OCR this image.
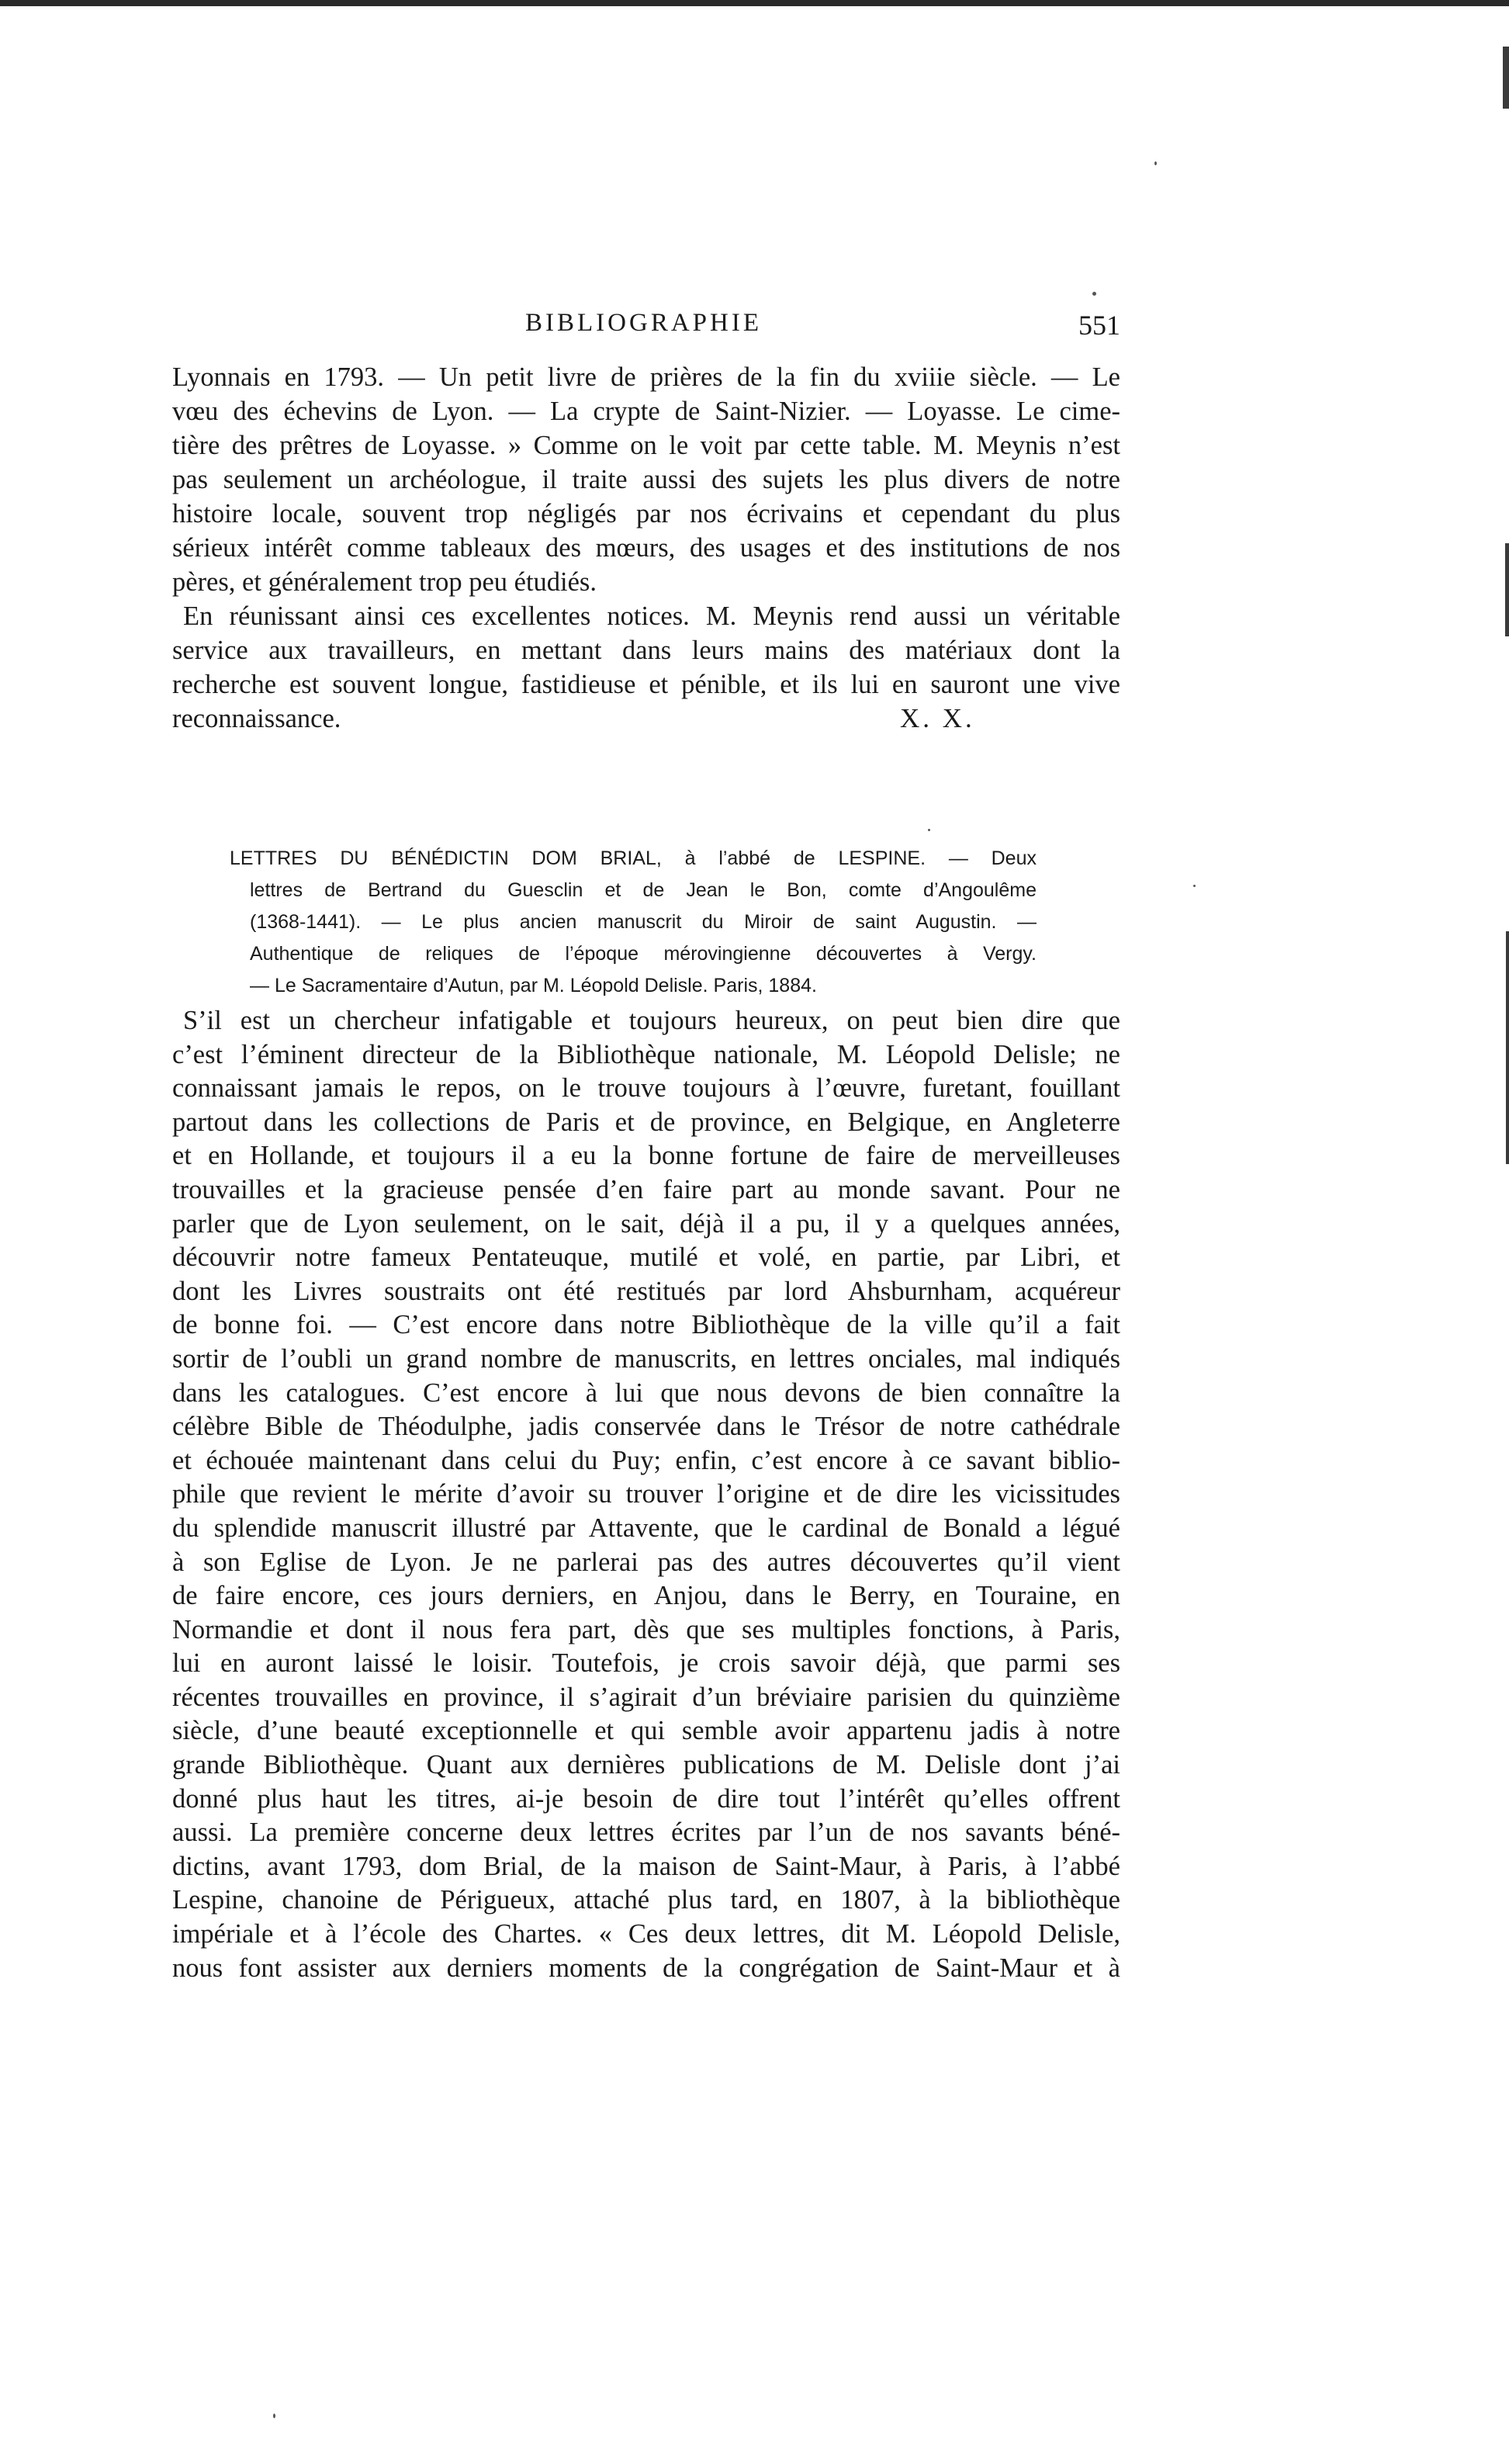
BIBLIOGRAPHIE	551
Lyonnais en 1793. — Un petit livre de prières de la fin du xviiie siècle. — Le
vœu des échevins de Lyon. — La crypte de Saint-Nizier. — Loyasse. Le cime-
tière des prêtres de Loyasse. » Comme on le voit par cette table. M. Meynis n’est
pas seulement un archéologue, il traite aussi des sujets les plus divers de notre
histoire locale, souvent trop négligés par nos écrivains et cependant du plus
sérieux intérêt comme tableaux des mœurs, des usages et des institutions de nos
pères, et généralement trop peu étudiés.
En réunissant ainsi ces excellentes notices. M. Meynis rend aussi un véritable
service aux travailleurs, en mettant dans leurs mains des matériaux dont la
recherche est souvent longue, fastidieuse et pénible, et ils lui en sauront une vive
reconnaissance.	X. X.
LETTRES DU BÉNÉDICTIN DOM BRIAL, à l’abbé de LESPINE. — Deux
lettres de Bertrand du Guesclin et de Jean le Bon, comte d’Angoulême
(1368-1441). — Le plus ancien manuscrit du Miroir de saint Augustin. —
Authentique de reliques de l’époque mérovingienne découvertes à Vergy.
— Le Sacramentaire d’Autun, par M. Léopold Delisle. Paris, 1884.
S’il est un chercheur infatigable et toujours heureux, on peut bien dire que
c’est l’éminent directeur de la Bibliothèque nationale, M. Léopold Delisle; ne
connaissant jamais le repos, on le trouve toujours à l’œuvre, furetant, fouillant
partout dans les collections de Paris et de province, en Belgique, en Angleterre
et en Hollande, et toujours il a eu la bonne fortune de faire de merveilleuses
trouvailles et la gracieuse pensée d’en faire part au monde savant. Pour ne
parler que de Lyon seulement, on le sait, déjà il a pu, il y a quelques années,
découvrir notre fameux Pentateuque, mutilé et volé, en partie, par Libri, et
dont les Livres soustraits ont été restitués par lord Ahsburnham, acquéreur
de bonne foi. — C’est encore dans notre Bibliothèque de la ville qu’il a fait
sortir de l’oubli un grand nombre de manuscrits, en lettres onciales, mal indiqués
dans les catalogues. C’est encore à lui que nous devons de bien connaître la
célèbre Bible de Théodulphe, jadis conservée dans le Trésor de notre cathédrale
et échouée maintenant dans celui du Puy; enfin, c’est encore à ce savant biblio-
phile que revient le mérite d’avoir su trouver l’origine et de dire les vicissitudes
du splendide manuscrit illustré par Attavente, que le cardinal de Bonald a légué
à son Eglise de Lyon. Je ne parlerai pas des autres découvertes qu’il vient
de faire encore, ces jours derniers, en Anjou, dans le Berry, en Touraine, en
Normandie et dont il nous fera part, dès que ses multiples fonctions, à Paris,
lui en auront laissé le loisir. Toutefois, je crois savoir déjà, que parmi ses
récentes trouvailles en province, il s’agirait d’un bréviaire parisien du quinzième
siècle, d’une beauté exceptionnelle et qui semble avoir appartenu jadis à notre
grande Bibliothèque. Quant aux dernières publications de M. Delisle dont j’ai
donné plus haut les titres, ai-je besoin de dire tout l’intérêt qu’elles offrent
aussi. La première concerne deux lettres écrites par l’un de nos savants béné-
dictins, avant 1793, dom Brial, de la maison de Saint-Maur, à Paris, à l’abbé
Lespine, chanoine de Périgueux, attaché plus tard, en 1807, à la bibliothèque
impériale et à l’école des Chartes. « Ces deux lettres, dit M. Léopold Delisle,
nous font assister aux derniers moments de la congrégation de Saint-Maur et à
